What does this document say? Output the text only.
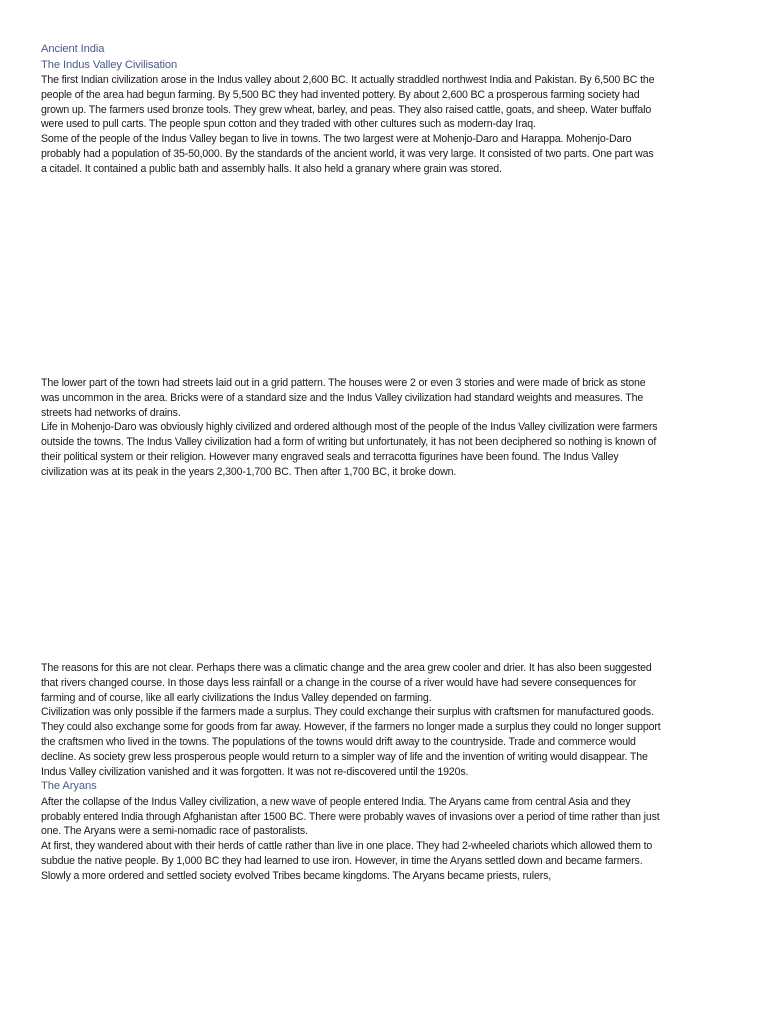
Ancient India
The Indus Valley Civilisation

The first Indian civilization arose in the Indus valley about 2,600 BC. It actually straddled northwest India and Pakistan. By 6,500 BC the people of the area had begun farming. By 5,500 BC they had invented pottery. By about 2,600 BC a prosperous farming society had grown up. The farmers used bronze tools. They grew wheat, barley, and peas. They also raised cattle, goats, and sheep. Water buffalo were used to pull carts. The people spun cotton and they traded with other cultures such as modern-day Iraq.

Some of the people of the Indus Valley began to live in towns. The two largest were at Mohenjo-Daro and Harappa. Mohenjo-Daro probably had a population of 35-50,000. By the standards of the ancient world, it was very large. It consisted of two parts. One part was a citadel. It contained a public bath and assembly halls. It also held a granary where grain was stored.

The lower part of the town had streets laid out in a grid pattern. The houses were 2 or even 3 stories and were made of brick as stone was uncommon in the area. Bricks were of a standard size and the Indus Valley civilization had standard weights and measures. The streets had networks of drains.

Life in Mohenjo-Daro was obviously highly civilized and ordered although most of the people of the Indus Valley civilization were farmers outside the towns. The Indus Valley civilization had a form of writing but unfortunately, it has not been deciphered so nothing is known of their political system or their religion. However many engraved seals and terracotta figurines have been found. The Indus Valley civilization was at its peak in the years 2,300-1,700 BC. Then after 1,700 BC, it broke down.

The reasons for this are not clear. Perhaps there was a climatic change and the area grew cooler and drier. It has also been suggested that rivers changed course. In those days less rainfall or a change in the course of a river would have had severe consequences for farming and of course, like all early civilizations the Indus Valley depended on farming.

Civilization was only possible if the farmers made a surplus. They could exchange their surplus with craftsmen for manufactured goods. They could also exchange some for goods from far away. However, if the farmers no longer made a surplus they could no longer support the craftsmen who lived in the towns. The populations of the towns would drift away to the countryside. Trade and commerce would decline. As society grew less prosperous people would return to a simpler way of life and the invention of writing would disappear. The Indus Valley civilization vanished and it was forgotten. It was not re-discovered until the 1920s.

The Aryans

After the collapse of the Indus Valley civilization, a new wave of people entered India. The Aryans came from central Asia and they probably entered India through Afghanistan after 1500 BC. There were probably waves of invasions over a period of time rather than just one. The Aryans were a semi-nomadic race of pastoralists.

At first, they wandered about with their herds of cattle rather than live in one place. They had 2-wheeled chariots which allowed them to subdue the native people. By 1,000 BC they had learned to use iron. However, in time the Aryans settled down and became farmers. Slowly a more ordered and settled society evolved Tribes became kingdoms. The Aryans became priests, rulers,
